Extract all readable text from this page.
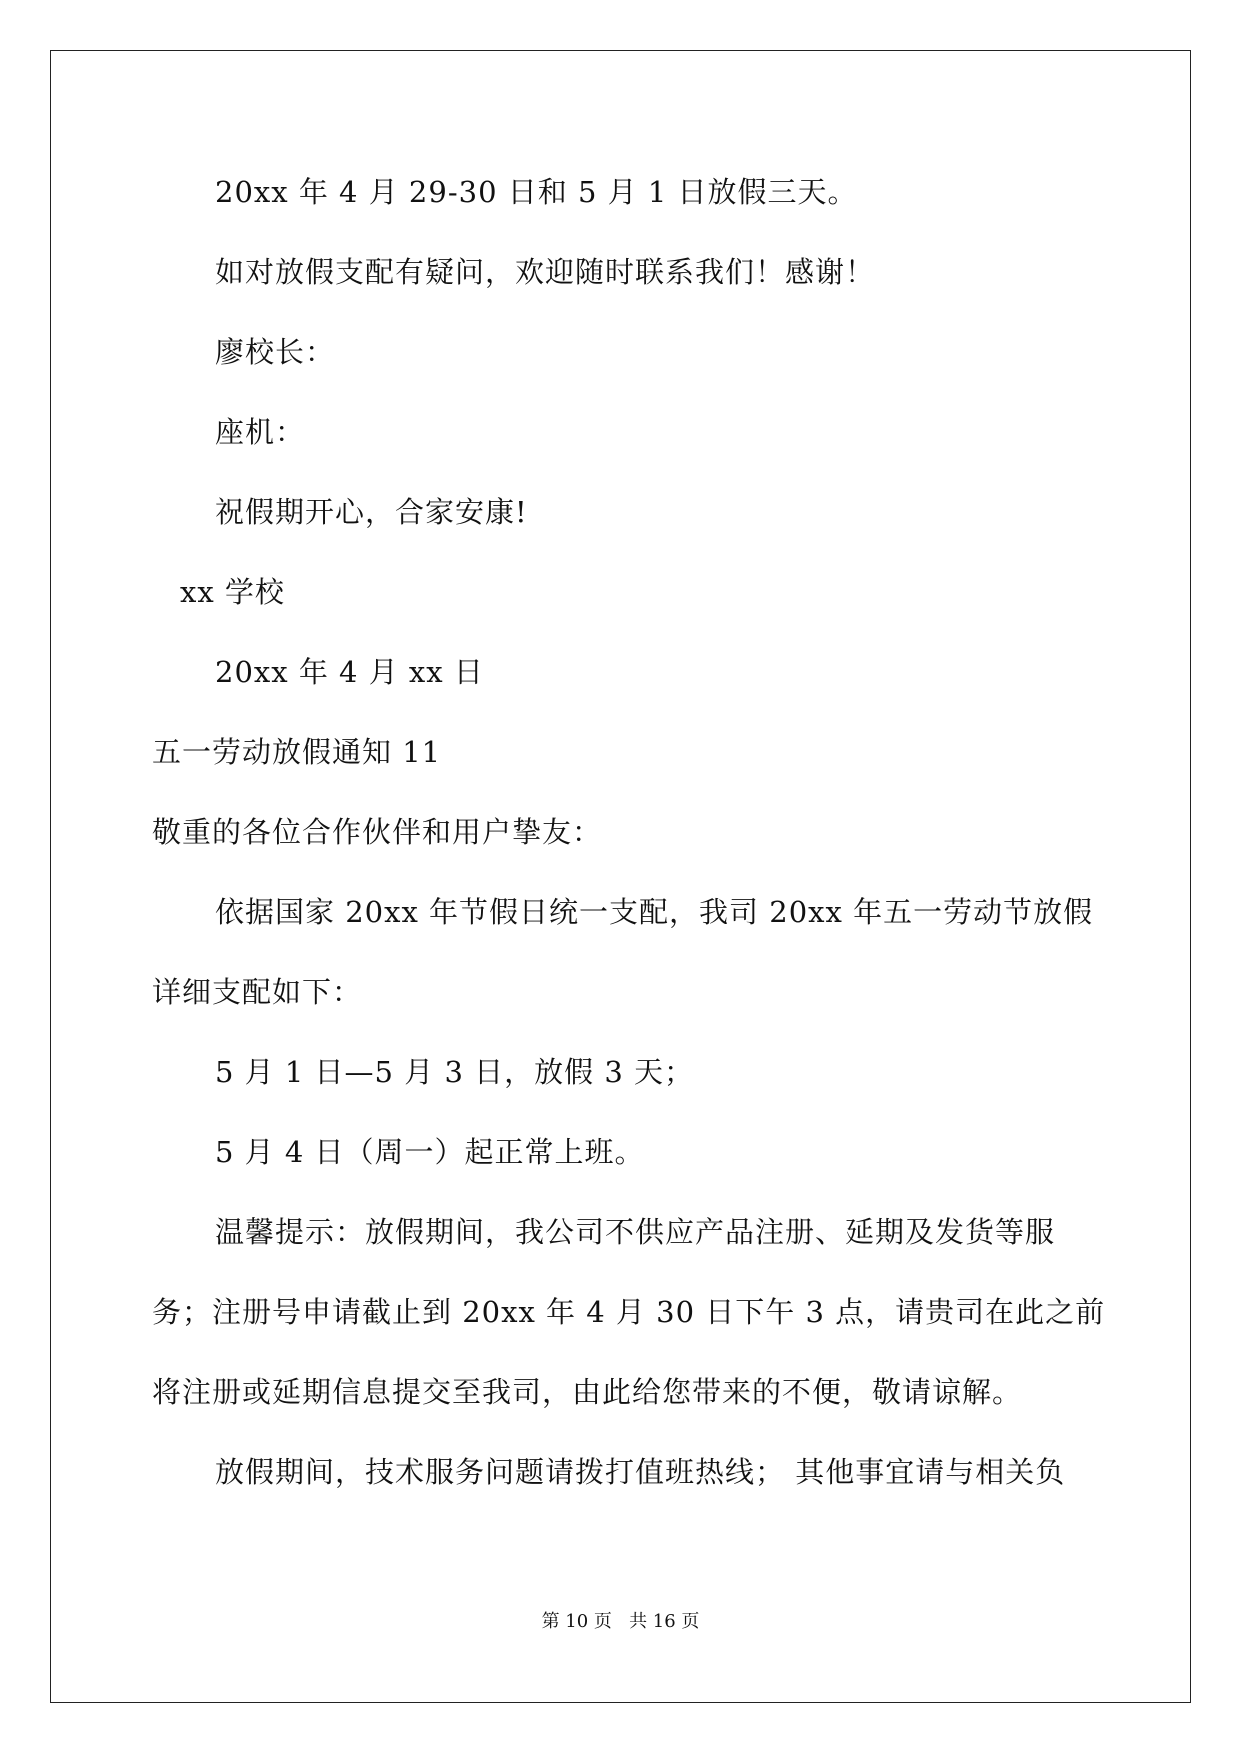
20xx 年 4 月 29-30 日和 5 月 1 日放假三天。
如对放假支配有疑问，欢迎随时联系我们！感谢！
廖校长：
座机：
祝假期开心，合家安康!
xx 学校
20xx 年 4 月 xx 日
五一劳动放假通知 11
敬重的各位合作伙伴和用户挚友：
依据国家 20xx 年节假日统一支配，我司 20xx 年五一劳动节放假
详细支配如下：
5 月 1 日—5 月 3 日，放假 3 天；
5 月 4 日（周一）起正常上班。
温馨提示：放假期间，我公司不供应产品注册、延期及发货等服
务；注册号申请截止到 20xx 年 4 月 30 日下午 3 点，请贵司在此之前
将注册或延期信息提交至我司，由此给您带来的不便，敬请谅解。
放假期间，技术服务问题请拨打值班热线； 其他事宜请与相关负
第 10 页   共 16 页
